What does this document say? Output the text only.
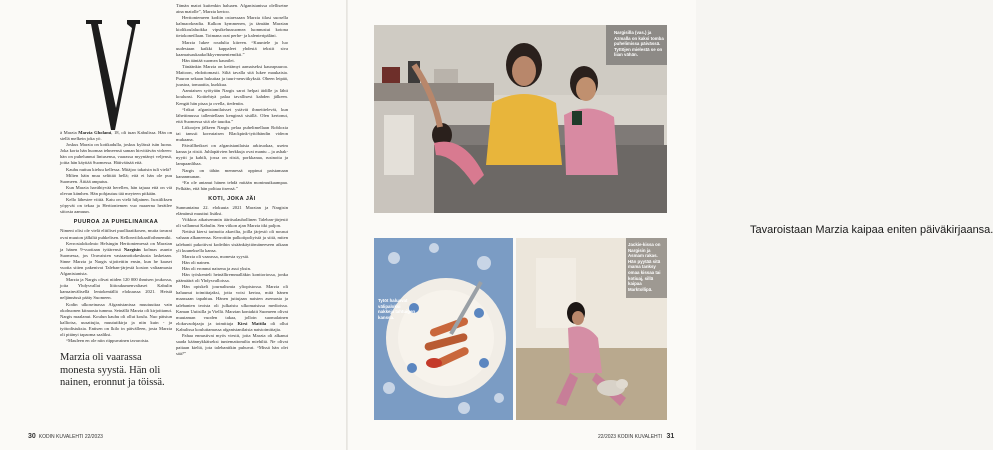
ä Marzia Marzia Gholami, 18, oli tuan Kabulissa. Hän on siellä melkein joka yö.

Joskus Marzia on kotikadulla, joskus kylässä isän luona. Joka korta hän huomaa tehneensä saman hirvittävän virheen: hän on puhelunnut lintusensa, vaarassa myyntänyt veljensä, joitta hän käyttää Suomessa. Hätivääsää että.

Kauhu nuttuu kieluu kellessa. Mitäjoo takaisin tuli vielä?

Milten häin muu selittää hellä; että ei hän ole puu Suomeen. Äitiää amputus.

Kun Marzia havähtyvää herellen, hän tajuaa että on viä olevan kämhen. Hän pohjautuu tää meyteen pitkään.

Kello lähestee viittä. Kaiu on vielä hiljainen. Isosiiliksen yöpyvät on tekaa ja Herttoniemen vuo maaerna herätlee siitosta aamuun.

PUUROA JA PUHELINAIKAA

Nimeni olisi ole vielä elitiliset puolliaatikosen, mutta tavarat ovat muuton jälkiltä puhkelisen. Kellonviilokaaffoihmemiki.

Kerrostalokolmio Helsingin Herttoniemessä on Marzian ja hänen 9-vuotiaan tyttärensä Nargisin kolmas asunto Suomessa, jos Oravaisten vastaanottokeskusta lasketaan. Sinne Marzia ja Nargis sijoitettiin ensin, kun he kaaset vuotta sitten pakenivat Taleban-järjestä koston valtaamasta Afganistanista.

Marzia ja Nargis olivat niiden 120 000 ihmisen joukossa, joita Yhdysvallat liittoukumenvaltaset Kabulin kansainvälisellä lentokentällä elokuussa 2021. Heistä neljännässä pääty Suomeen.

Kodin ulkoseinassa Afganistanissa muutuuttaa vain okohuonen kitnaasia tumma. Seinällä Marzia oli kirjoittanut. Nargis maalanut. Koulun kauhu oli ollut koulu. Nuo pätsiun kalliotsa, uusattujia, muututikirja ja niin kuin - ja työtodistuksia. Entisen on lkilo in päivälleen, josta Marzia oli pitänyt tapaoma saaliksi.

“Mauleen en ole niin riippuvainen tavaroista.

Marzia oli vaarassa monesta syystä. Hän oli nainen, eronnut ja töissä.

Tämän matot kuitenkin haluaen. Afganistanissa olellisetne aina matolle”, Marzia kertoo.

Herttoniemeen kodiin ostaessaan Marzia tilasi suosella kalmaorkeadia. Kalkon kymmenen, ja tämään Marzian kiolikoulaluokka vipsikeluusuomea luonnustui kotona tietokoneillaan. Toimana orat perhe- ja kalenteripäläni.

Marzia lukee roudulta kiireen. “Kuuntele ja luo uudestaan kaikki kappaleet yhdestä tekstit siva kaamatsaukaakolkkyvmmentemikii.”

Hän ääntää suomea kaunilei.

Tänäänkin Marzia on kettämyt aamaiseksi kaurapuuroa. Maitoon, ehdottomasti. Siltä tavalla sitä lukee maukaisia. Puuron sekaan hukuttaa ja tuuri-neuviikyksiä. Oheen leipää, juustoa, tomaattia, kurkkua.

Aamiaisen syötyään Nargis saroi helpai äidille ja lähti koulunsi. Kotitehtyä palaa tavallisest kahden jälkeen. Kengät hän pisaa ja ovella, tiedeniin.

“Irtkut afganistamilaisset ystävät ihmetttelevät, kun lähettimussa tallentellaan kenginsä sisällä. Olen kertonut, että Suomessa sitä ole tauoku.”

Liikoojen jälkeen Nargis pelaa puhelimellaan Robloxia tai tanssii koreaiaisen Blackpink-tyttöbändin videon mukaana.

Päivällbeikset on afganistanilaisia arkiruokaa, useim kanaa ja riisiä. Juhlapäivien herkkuja ovat mantu – ja ashak- nyytit ja kabili, jossa on riisiä, porkkanaa, rusinoita ja lampaanlihaa.

Nargis on tähän mennessä oppinut paistamaan kananmunan.

“En ole antanut hänen tehdä mitään monimutkaampaa. Pelkään, että hän polttaa itsensä.”

KOTI, JOKA JÄI

Sunnuntaina 22. elokuuta 2021 Marzian ja Nargisin elämänsä muuttui lisäksi.

Viikkoa aikaisemmin ääriisalauhollinen Taleban-järjestö oli vallannut Kabulin. Sen viikon ajan Marzia itki paljon.

Nettisä kiersi tarinoita akavilta, joilla järjestö oli nousut vahaan alkaneensa. Kerrottiin palkoitpoliyistä ja siitä, miten talebanit pakottivat kodeihin sisäänkäyttömäneeseen aikaan yli kuuneksella kansa.

Marzia oli vaarassa, monesta syystä.

Hän oli nainen.

Hän oli eronnut naisena ja asui yksin.

Hän työskenteli heinälliremmalläkin konttoriossa, jonka päämäärä oli Yhdysvalloissa.

Hän opiskeli journalismia yliopistossa. Marzia oli haluunut toimittajaksi, jotta voisi kertoa, mitä hänen maassaan tapahtuu. Hänen juttujaan naisten asemasta ja talebanien teoista oli julkaistu ulkomaisissa medioissa. Kaman Uutisilla ja Viellä. Marzian kontaktit Suomeen olivat muutaman vuoden takaa, jolloin suomalainen elokuvaohjaaja ja toimittaja Kirsi Mattila oli ollut Kabulissa kouluttamassa afganistanilaisia naistoimittajia.

Pahaa ennustivat myös viestit, joita Marzia oli alkanut saada käännykkäiseksi tuntemattomilta miehiltä. Ne olivat paitaan kieltä, jota talebanitkin puhuvat. “Missä hän olet sää?”

30 KODIN KUVALEHTI 22/2023
Nargisilla (vas.) ja Azmalla on kaksi tomba puhelimissa päivässä. Tyttöjen mielestä se on liian vähän.
Tavaroistaan Marzia kaipaa eniten päiväkirjaansa.
Tytöt haluavat välipaloksi nakkeja tahtuigen kanssa.
Jackie-kissa on Nargisin ja Asmam rakas. Hän pyytää sitä mama tanksy omaa kissaa tai kotiuaj, sillä kaipaa Marktollipä.
22/2023 KODIN KUVALEHTI 31
